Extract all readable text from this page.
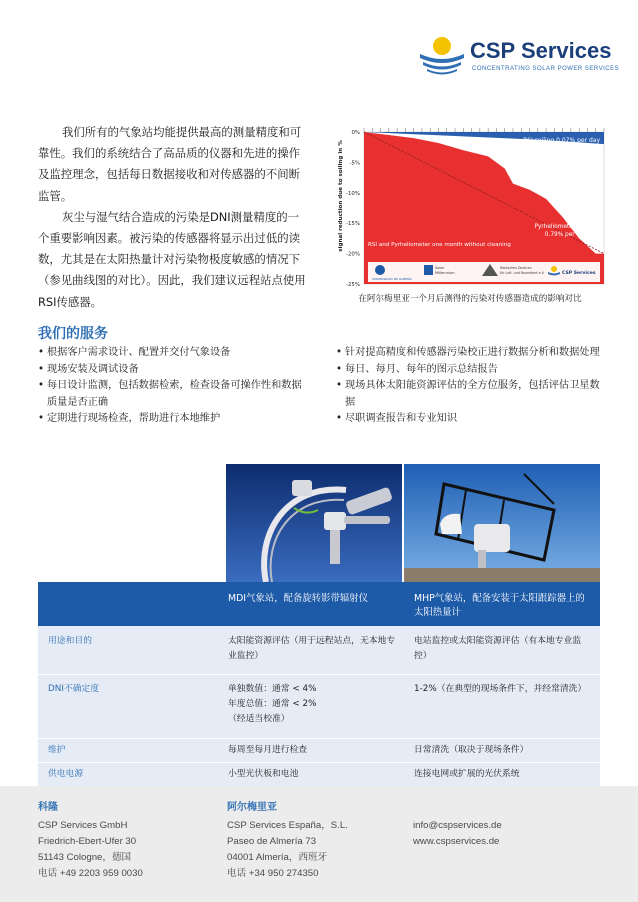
CSP Services
CONCENTRATING SOLAR POWER SERVICES

我们所有的气象站均能提供最高的测量精度和可靠性。我们的系统结合了高品质的仪器和先进的操作及监控理念，包括每日数据接收和对传感器的不间断监管。

灰尘与湿气结合造成的污染是DNI测量精度的一个重要影响因素。被污染的传感器将显示出过低的读数，尤其是在太阳热量计对污染物极度敏感的情况下（参见曲线图的对比）。因此，我们建议远程站点使用RSI传感器。

signal reduction due to soiling in %
0%
-5%
-10%
-15%
-20%
-25%
RSI soiling 0.07% per day
Pyrheliometer soiling 0.79% per day
RSI and Pyrheliometer one month without cleaning
UNIVERSIDAD DE ALMERÍA
Solar
Millennium
Deutsches Zentrum
für Luft- und Raumfahrt e.V.	CSP Services
在阿尔梅里亚一个月后测得的污染对传感器造成的影响对比
我们的服务
• 根据客户需求设计、配置并交付气象设备
• 现场安装及调试设备
• 每日设计监测，包括数据检索，检查设备可操作性和数据质量是否正确
• 定期进行现场检查，帮助进行本地维护
• 针对提高精度和传感器污染校正进行数据分析和数据处理
• 每日、每月、每年的图示总结报告
• 现场具体太阳能资源评估的全方位服务，包括评估卫星数据
• 尽职调查报告和专业知识
	MDI气象站，配备旋转影带辐射仪	MHP气象站，配备安装于太阳跟踪器上的太阳热量计
用途和目的	太阳能资源评估（用于远程站点，无本地专业监控）	电站监控或太阳能资源评估（有本地专业监控）
DNI不确定度	单独数值：通常 < 4%
年度总值：通常 < 2%
（经适当校准）	1-2%（在典型的现场条件下，并经常清洗）
维护	每周至每月进行检查	日常清洗（取决于现场条件）
供电电源	小型光伏板和电池	连接电网或扩展的光伏系统

科隆
CSP Services GmbH
Friedrich-Ebert-Ufer 30
51143 Cologne，德国
电话 +49 2203 959 0030
阿尔梅里亚
CSP Services España，S.L.
Paseo de Almería 73
04001 Almería，西班牙
电话 +34 950 274350
info@cspservices.de
www.cspservices.de
